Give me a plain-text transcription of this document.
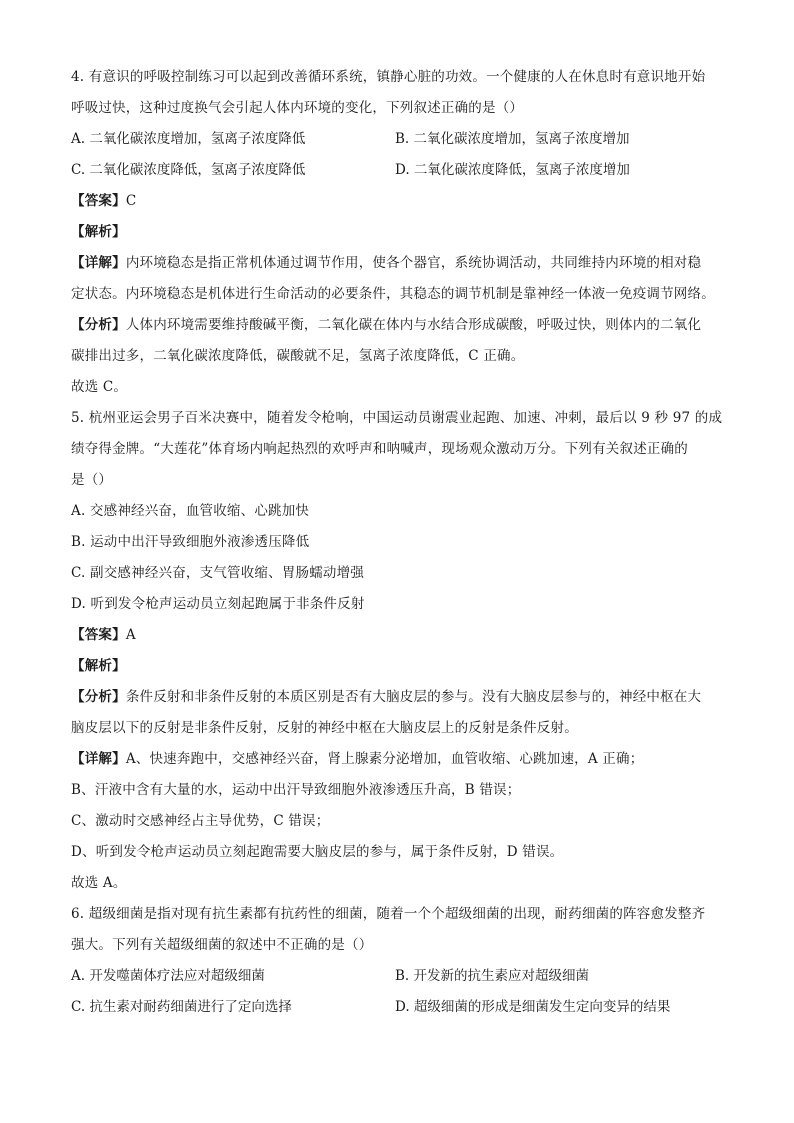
4. 有意识的呼吸控制练习可以起到改善循环系统，镇静心脏的功效。一个健康的人在休息时有意识地开始
呼吸过快，这种过度换气会引起人体内环境的变化，下列叙述正确的是（）
A. 二氧化碳浓度增加，氢离子浓度降低	B. 二氧化碳浓度增加，氢离子浓度增加
C. 二氧化碳浓度降低，氢离子浓度降低	D. 二氧化碳浓度降低，氢离子浓度增加
【答案】C
【解析】
【详解】内环境稳态是指正常机体通过调节作用，使各个器官，系统协调活动，共同维持内环境的相对稳
定状态。内环境稳态是机体进行生命活动的必要条件，其稳态的调节机制是靠神经一体液一免疫调节网络。
【分析】人体内环境需要维持酸碱平衡，二氧化碳在体内与水结合形成碳酸，呼吸过快，则体内的二氧化
碳排出过多，二氧化碳浓度降低，碳酸就不足，氢离子浓度降低，C 正确。
故选 C。
5. 杭州亚运会男子百米决赛中，随着发令枪响，中国运动员谢震业起跑、加速、冲刺，最后以 9 秒 97 的成
绩夺得金牌。“大莲花”体育场内响起热烈的欢呼声和呐喊声，现场观众激动万分。下列有关叙述正确的
是（）
A. 交感神经兴奋，血管收缩、心跳加快
B. 运动中出汗导致细胞外液渗透压降低
C. 副交感神经兴奋，支气管收缩、胃肠蠕动增强
D. 听到发令枪声运动员立刻起跑属于非条件反射
【答案】A
【解析】
【分析】条件反射和非条件反射的本质区别是否有大脑皮层的参与。没有大脑皮层参与的，神经中枢在大
脑皮层以下的反射是非条件反射，反射的神经中枢在大脑皮层上的反射是条件反射。
【详解】A、快速奔跑中，交感神经兴奋，肾上腺素分泌增加，血管收缩、心跳加速，A 正确；
B、汗液中含有大量的水，运动中出汗导致细胞外液渗透压升高，B 错误；
C、激动时交感神经占主导优势，C 错误；
D、听到发令枪声运动员立刻起跑需要大脑皮层的参与，属于条件反射，D 错误。
故选 A。
6. 超级细菌是指对现有抗生素都有抗药性的细菌，随着一个个超级细菌的出现，耐药细菌的阵容愈发整齐
强大。下列有关超级细菌的叙述中不正确的是（）
A. 开发噬菌体疗法应对超级细菌	B. 开发新的抗生素应对超级细菌
C. 抗生素对耐药细菌进行了定向选择	D. 超级细菌的形成是细菌发生定向变异的结果
